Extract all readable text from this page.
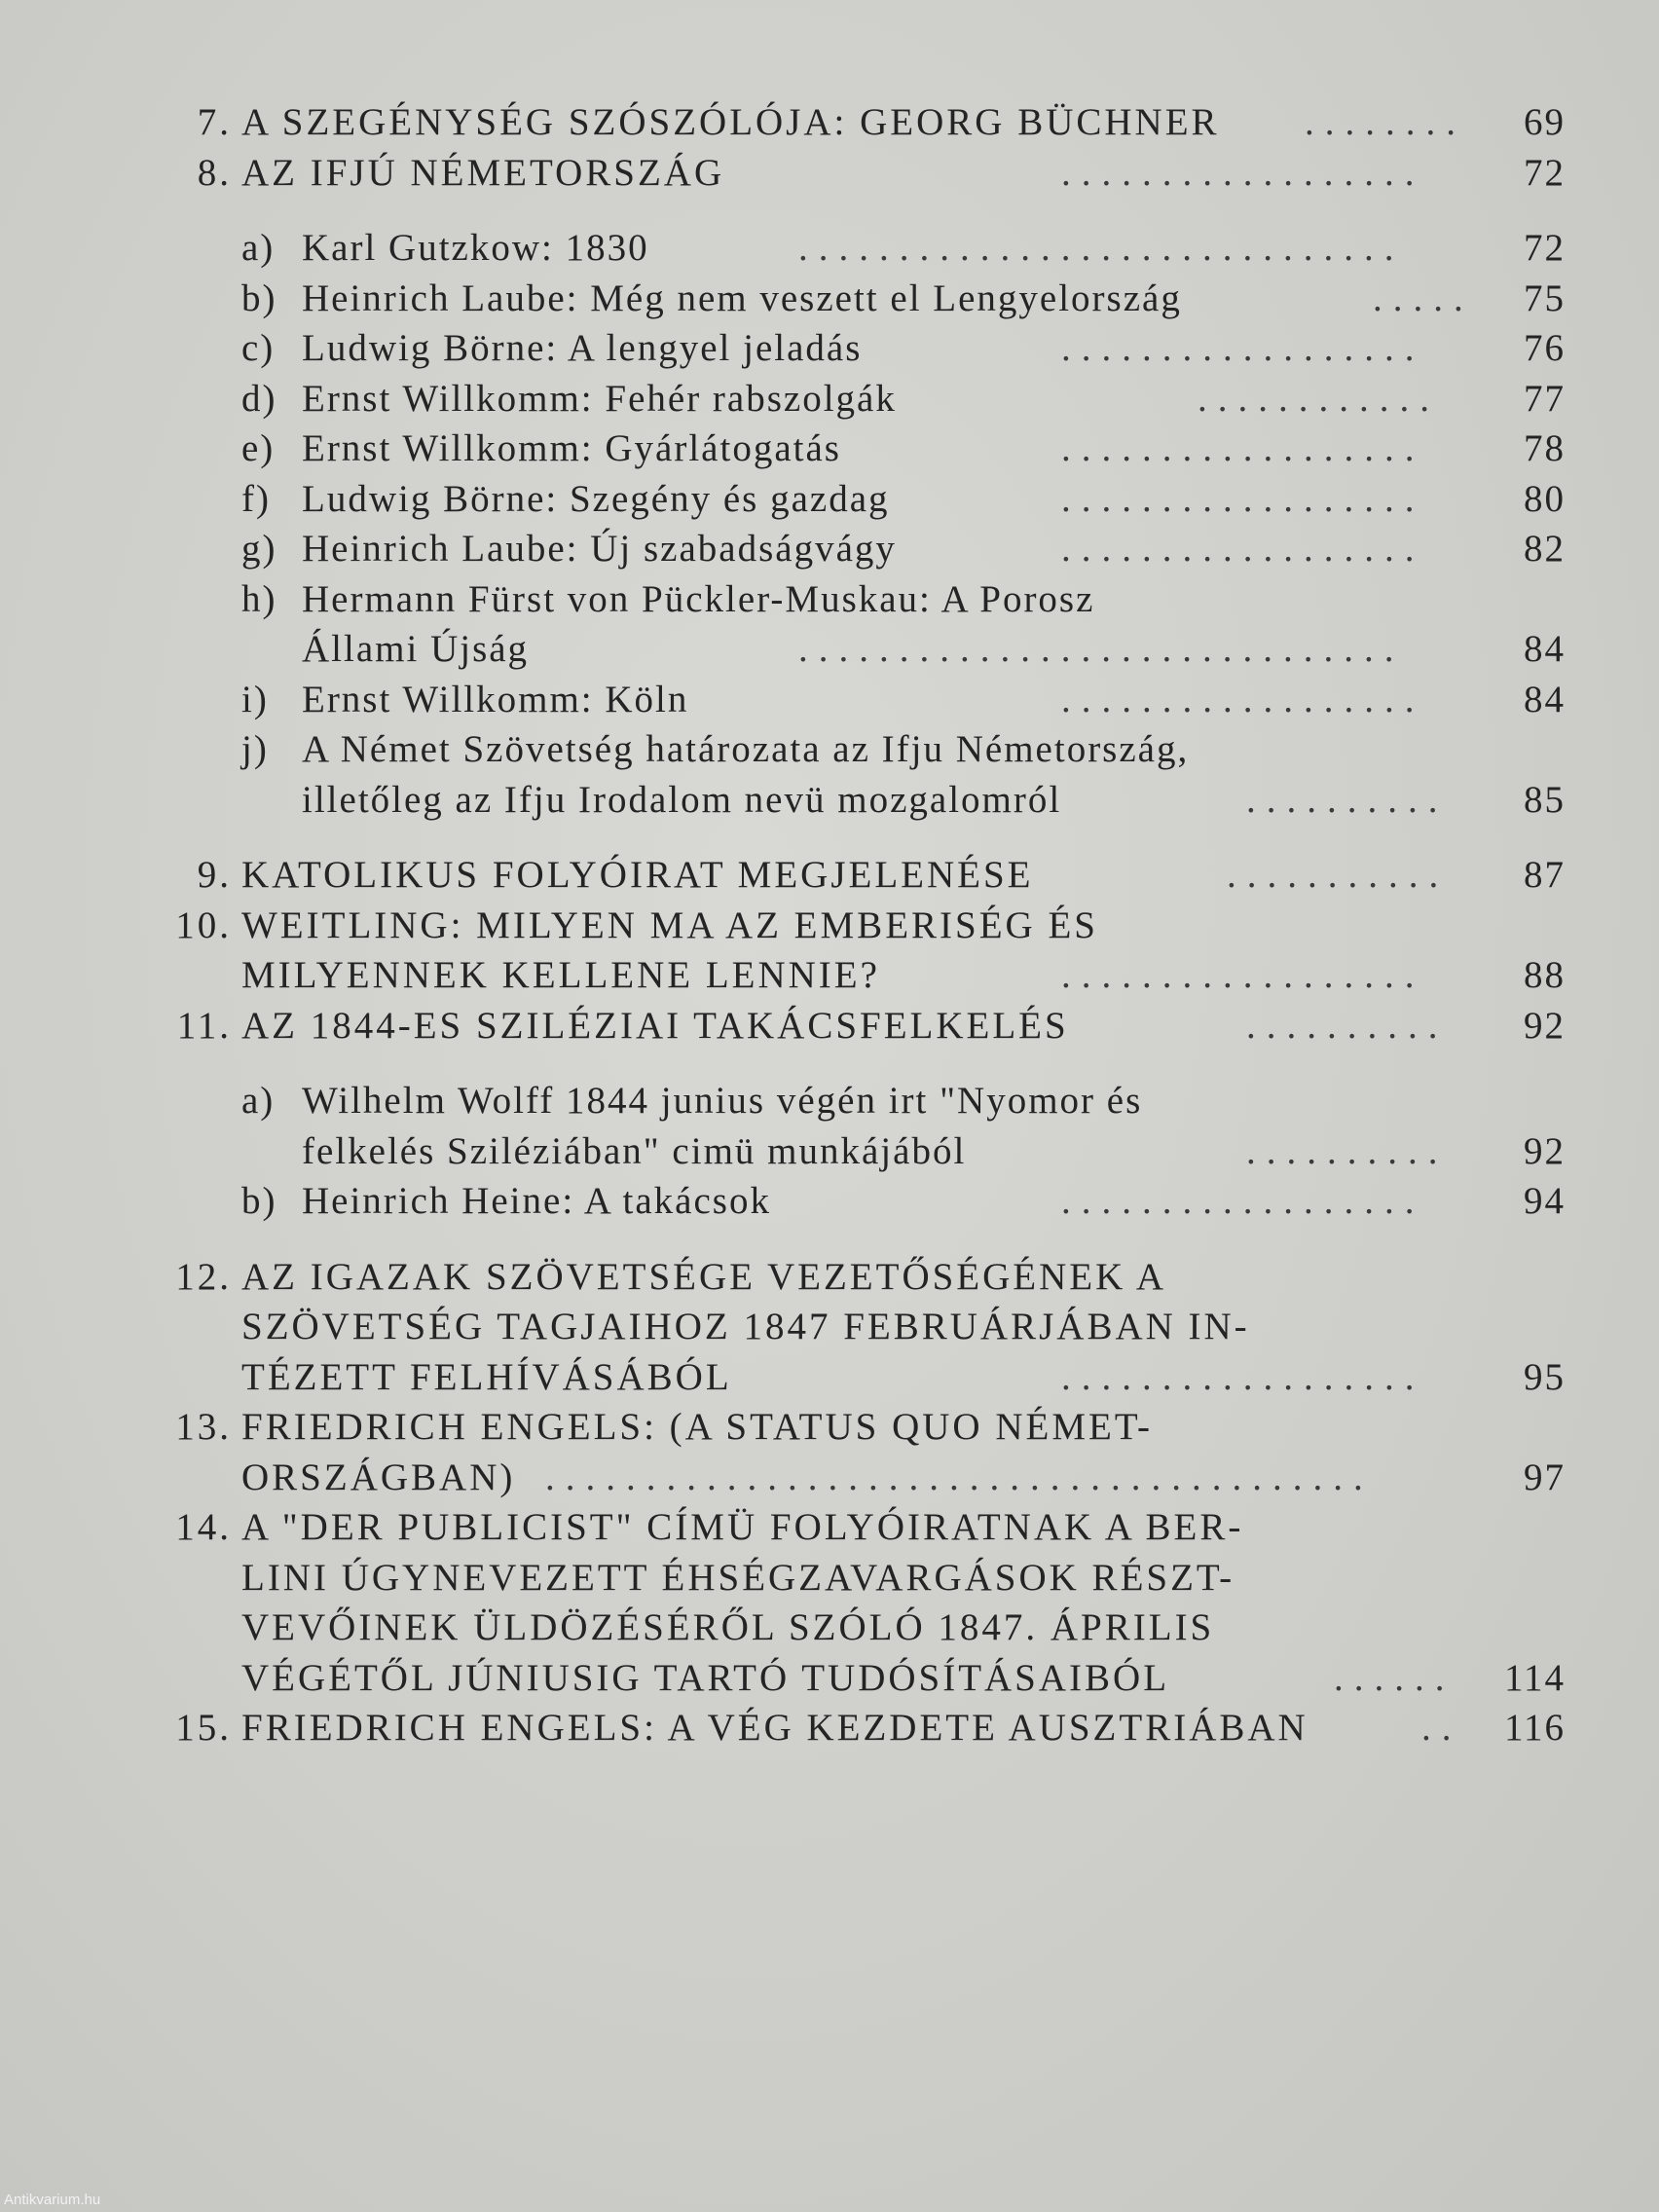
7. A SZEGÉNYSÉG SZÓSZÓLÓJA: GEORG BÜCHNER ........	69
8. AZ IFJÚ NÉMETORSZÁG	..................	72
a) Karl Gutzkow: 1830	..............................	72
b) Heinrich Laube: Még nem veszett el Lengyelország	.....	75
c) Ludwig Börne: A lengyel jeladás	..................	76
d) Ernst Willkomm: Fehér rabszolgák	............	77
e) Ernst Willkomm: Gyárlátogatás	..................	78
f) Ludwig Börne: Szegény és gazdag	..................	80
g) Heinrich Laube: Új szabadságvágy	..................	82
h) Hermann Fürst von Pückler-Muskau: A Porosz
Állami Újság	..............................	84
i) Ernst Willkomm: Köln	..................	84
j) A Német Szövetség határozata az Ifju Németország,
illetőleg az Ifju Irodalom nevü mozgalomról	..........	85
9. KATOLIKUS FOLYÓIRAT MEGJELENÉSE	...........	87
10. WEITLING: MILYEN MA AZ EMBERISÉG ÉS
MILYENNEK KELLENE LENNIE?	..................	88
11. AZ 1844-ES SZILÉZIAI TAKÁCSFELKELÉS	..........	92
a) Wilhelm Wolff 1844 junius végén irt "Nyomor és
felkelés Sziléziában" cimü munkájából	..........	92
b) Heinrich Heine: A takácsok	..................	94
12. AZ IGAZAK SZÖVETSÉGE VEZETŐSÉGÉNEK A
SZÖVETSÉG TAGJAIHOZ 1847 FEBRUÁRJÁBAN IN-
TÉZETT FELHÍVÁSÁBÓL	..................	95
13. FRIEDRICH ENGELS: (A STATUS QUO NÉMET-
ORSZÁGBAN) .........................................	97
14. A "DER PUBLICIST" CÍMÜ FOLYÓIRATNAK A BER-
LINI ÚGYNEVEZETT ÉHSÉGZAVARGÁSOK RÉSZT-
VEVŐINEK ÜLDÖZÉSÉRŐL SZÓLÓ 1847. ÁPRILIS
VÉGÉTŐL JÚNIUSIG TARTÓ TUDÓSÍTÁSAIBÓL	...... 114
15. FRIEDRICH ENGELS: A VÉG KEZDETE AUSZTRIÁBAN	.. 116
Antikvarium.hu
